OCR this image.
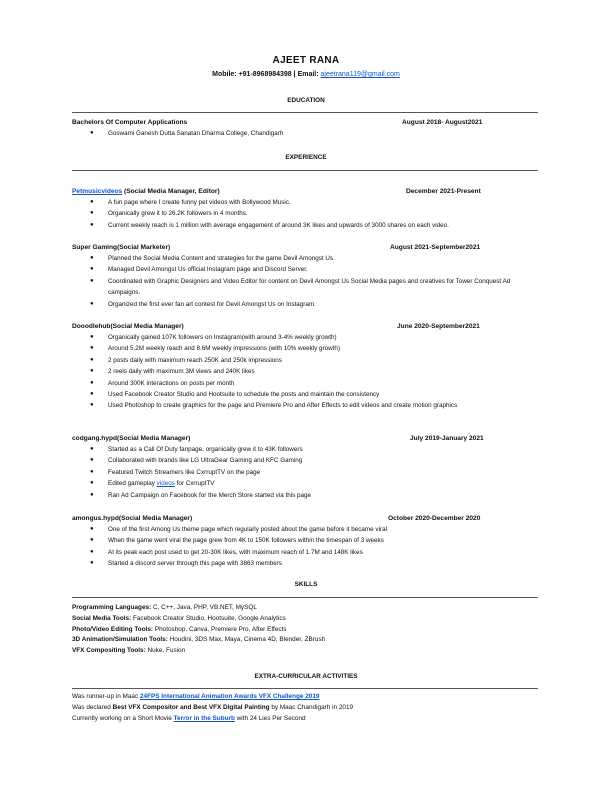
AJEET RANA
Mobile: +91-8968984398 | Email: ajeetrana119@gmail.com
EDUCATION
Bachelors Of Computer Applications	August 2018- August2021
● Goswami Ganesh Dutta Sanatan Dharma College, Chandigarh
EXPERIENCE
Petmusicvideos (Social Media Manager, Editor)	December 2021-Present
● A fun page where I create funny pet videos with Bollywood Music.
● Organically grew it to 26.2K followers in 4 months.
● Current weekly reach is 1 million with average engagement of around 3K likes and upwards of 3000 shares on each video.
Super Gaming(Social Marketer)	August 2021-September2021
● Planned the Social Media Content and strategies for the game Devil Amongst Us.
● Managed Devil Amongst Us official Instagram page and Discord Server.
● Coordinated with Graphic Designers and Video Editor for content on Devil Amongst Us Social Media pages and creatives for Tower Conquest Ad campaigns.
● Organized the first ever fan art contest for Devil Amongst Us on Instagram.
Dooodlehub(Social Media Manager)	June 2020-September2021
● Organically gained 107K followers on Instagram(with around 3-4% weekly growth)
● Around 5.2M weekly reach and 8.6M weekly impressions (with 10% weekly growth)
● 2 posts daily with maximum reach 250K and 250k impressions
● 2 reels daily with maximum 3M views and 240K likes
● Around 300K interactions on posts per month
● Used Facebook Creator Studio and Hootsuite to schedule the posts and maintain the consistency
● Used Photoshop to create graphics for the page and Premiere Pro and After Effects to edit videos and create motion graphics
codgang.hypd(Social Media Manager)	July 2019-January 2021
● Started as a Call Of Duty fanpage, organically grew it to 43K followers
● Collaborated with brands like LG UltraGear Gaming and KFC Gaming
● Featured Twitch Streamers like CxrruptTV on the page
● Edited gameplay videos for CxrruptTV
● Ran Ad Campaign on Facebook for the Merch Store started via this page
amongus.hypd(Social Media Manager)	October 2020-December 2020
● One of the first Among Us theme page which regularly posted about the game before it became viral
● When the game went viral the page grew from 4K to 150K followers within the timespan of 3 weeks
● At its peak each post used to get 20-30K likes, with maximum reach of 1.7M and 148K likes
● Started a discord server through this page with 3863 members
SKILLS
Programming Languages: C, C++, Java, PHP, VB.NET, MySQL
Social Media Tools: Facebook Creator Studio, Hootsuite, Google Analytics
Photo/Video Editing Tools: Photoshop, Canva, Premiere Pro, After Effects
3D Animation/Simulation Tools: Houdini, 3DS Max, Maya, Cinema 4D, Blender, ZBrush
VFX Compositing Tools: Nuke, Fusion
EXTRA-CURRICULAR ACTIVITIES
Was runner-up in Maac 24FPS International Animation Awards VFX Challenge 2019
Was declared Best VFX Compositor and Best VFX Digital Painting by Maac Chandigarh in 2019
Currently working on a Short Movie Terror in the Suburb with 24 Lies Per Second
